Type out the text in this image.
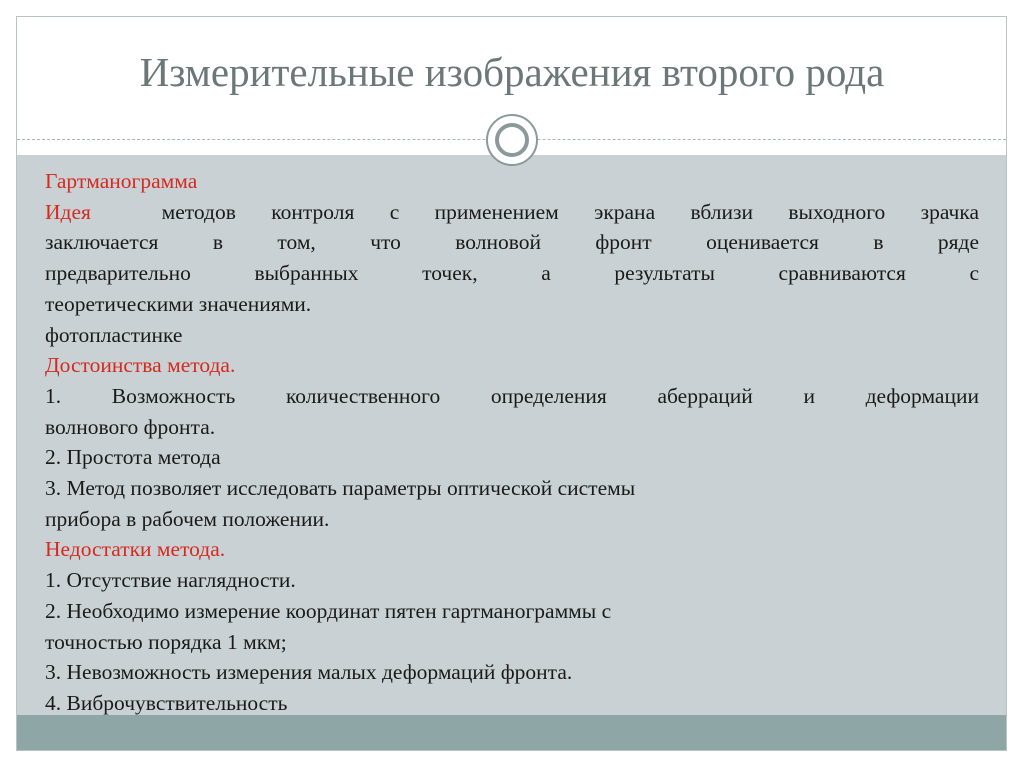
Измерительные изображения второго рода

Гартманограмма

Идея	методов контроля с применением экрана вблизи выходного зрачка

заключается в том, что волновой фронт оценивается в ряде

предварительно выбранных точек, а результаты сравниваются с

теоретическими значениями.

фотопластинке

Достоинства метода.

1. Возможность количественного определения аберраций и деформации

волнового фронта.

2. Простота метода

3. Метод позволяет исследовать параметры оптической системы

прибора в рабочем положении.

Недостатки метода.

1. Отсутствие наглядности.

2. Необходимо измерение координат пятен гартманограммы с

точностью порядка 1 мкм;

3. Невозможность измерения малых деформаций фронта.

4. Виброчувствительность
